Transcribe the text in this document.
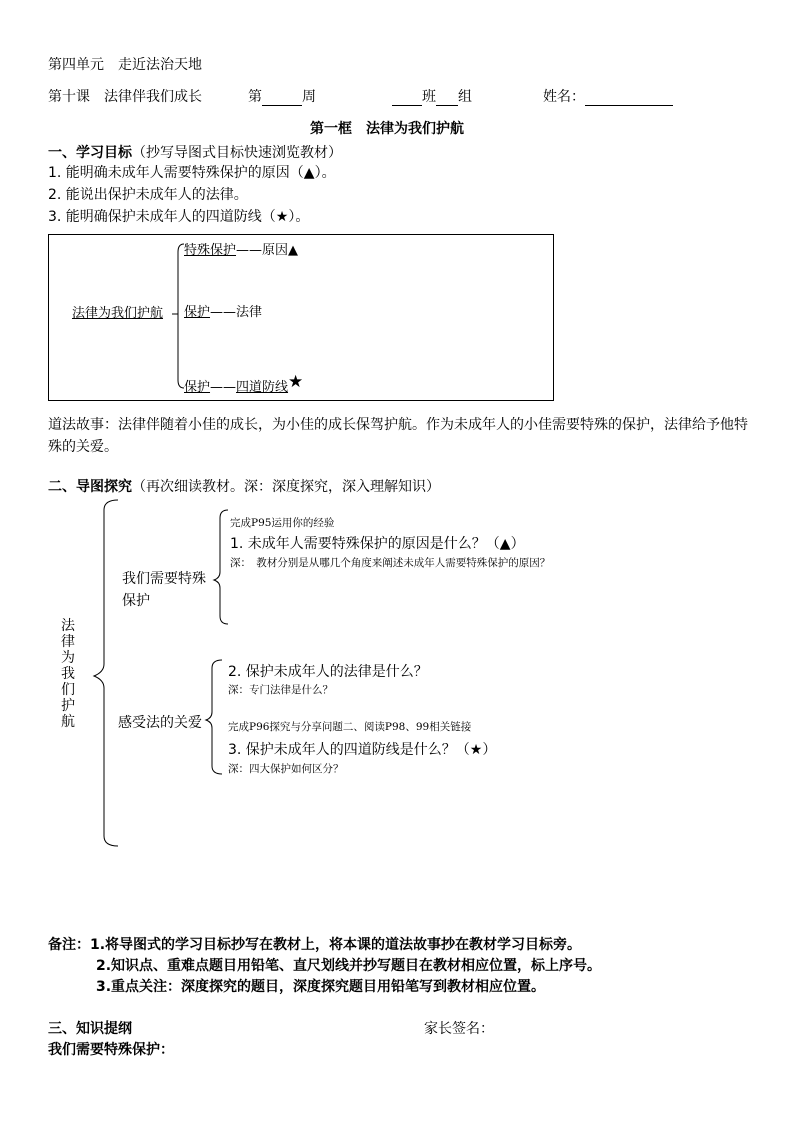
第四单元　走近法治天地
第十课　法律伴我们成长	第	周	班 组	姓名：
第一框　法律为我们护航
一、学习目标（抄写导图式目标快速浏览教材）
1. 能明确未成年人需要特殊保护的原因（▲）。
2. 能说出保护未成年人的法律。
3. 能明确保护未成年人的四道防线（★）。
法律为我们护航
特殊保护——原因▲
保护——法律
保护——四道防线★
道法故事：法律伴随着小佳的成长，为小佳的成长保驾护航。作为未成年人的小佳需要特殊的保护，法律给予他特殊的关爱。
二、导图探究（再次细读教材。深：深度探究，深入理解知识）
法
律
为
我
们
护
航
我们需要特殊保护
感受法的关爱
完成P95运用你的经验
1. 未成年人需要特殊保护的原因是什么？（▲）
深：　教材分别是从哪几个角度来阐述未成年人需要特殊保护的原因？
2. 保护未成年人的法律是什么？
深：专门法律是什么？
完成P96探究与分享问题二、阅读P98、99相关链接
3. 保护未成年人的四道防线是什么？（★）
深：四大保护如何区分？
备注：1.将导图式的学习目标抄写在教材上，将本课的道法故事抄在教材学习目标旁。
2.知识点、重难点题目用铅笔、直尺划线并抄写题目在教材相应位置，标上序号。
3.重点关注：深度探究的题目，深度探究题目用铅笔写到教材相应位置。
三、知识提纲	家长签名：
我们需要特殊保护：
